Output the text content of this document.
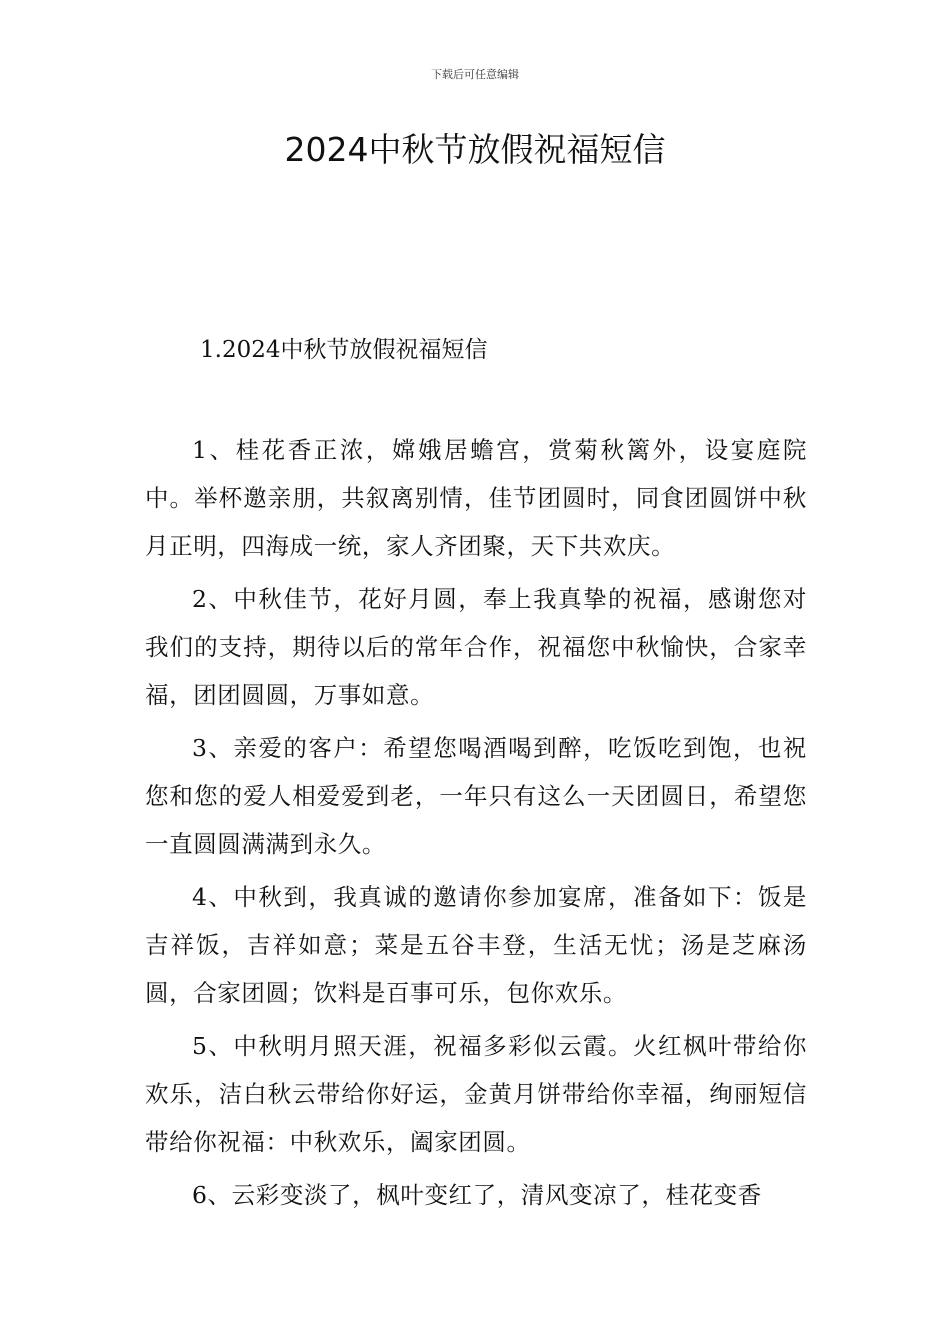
下载后可任意编辑
2024中秋节放假祝福短信
1.2024中秋节放假祝福短信

1、桂花香正浓，嫦娥居蟾宫，赏菊秋篱外，设宴庭院中。举杯邀亲朋，共叙离别情，佳节团圆时，同食团圆饼中秋月正明，四海成一统，家人齐团聚，天下共欢庆。

2、中秋佳节，花好月圆，奉上我真挚的祝福，感谢您对我们的支持，期待以后的常年合作，祝福您中秋愉快，合家幸福，团团圆圆，万事如意。

3、亲爱的客户：希望您喝酒喝到醉，吃饭吃到饱，也祝您和您的爱人相爱爱到老，一年只有这么一天团圆日，希望您一直圆圆满满到永久。

4、中秋到，我真诚的邀请你参加宴席，准备如下：饭是吉祥饭，吉祥如意；菜是五谷丰登，生活无忧；汤是芝麻汤圆，合家团圆；饮料是百事可乐，包你欢乐。

5、中秋明月照天涯，祝福多彩似云霞。火红枫叶带给你欢乐，洁白秋云带给你好运，金黄月饼带给你幸福，绚丽短信带给你祝福：中秋欢乐，阖家团圆。

6、云彩变淡了，枫叶变红了，清风变凉了，桂花变香
